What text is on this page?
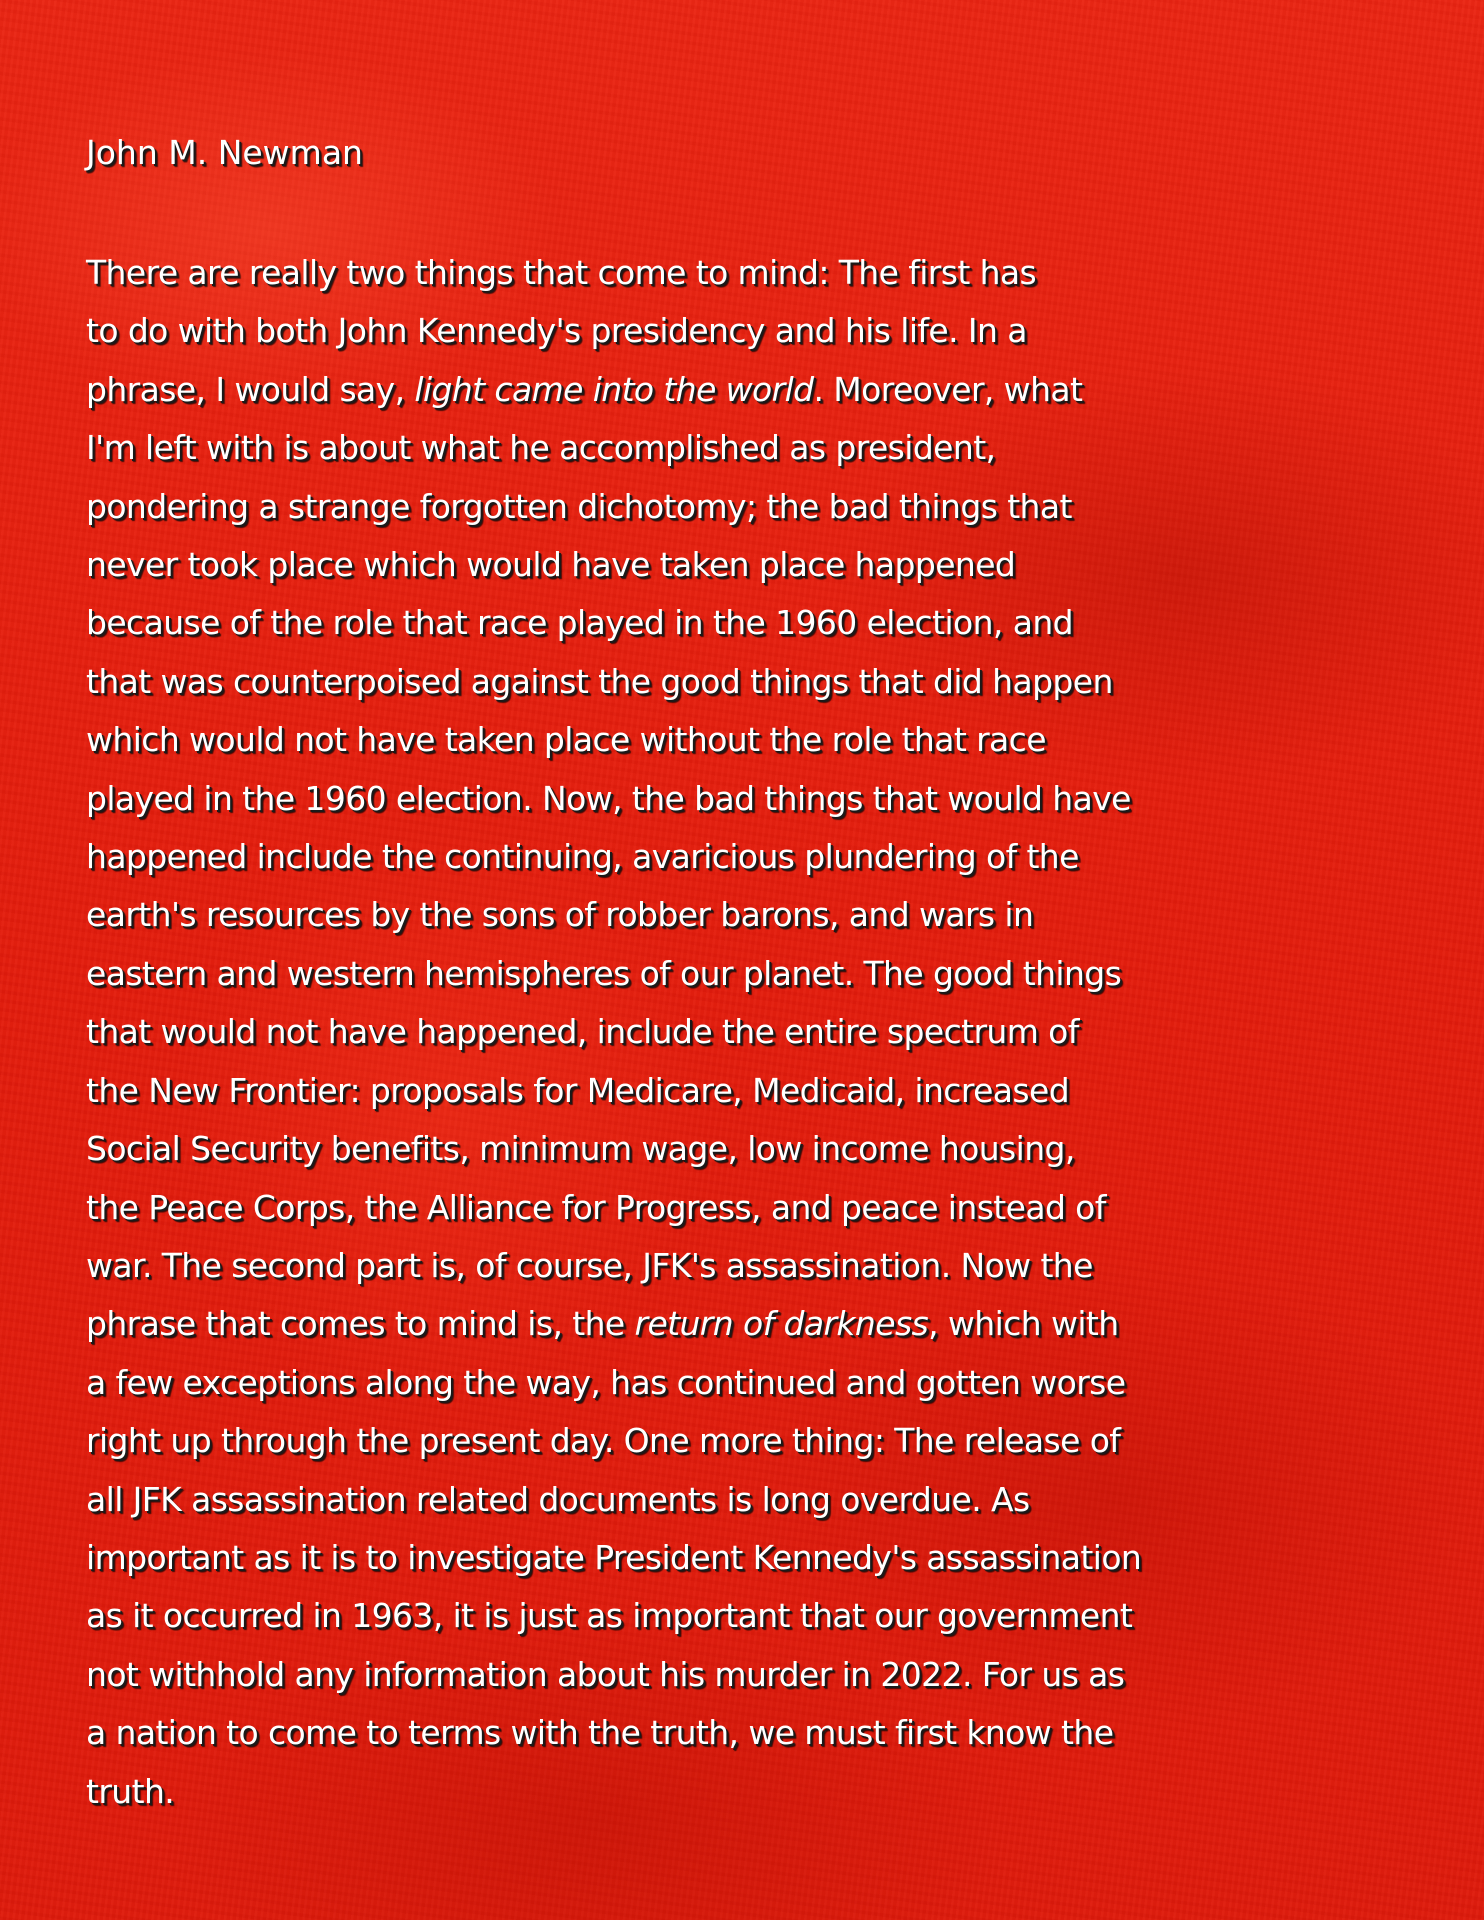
John M. Newman

There are really two things that come to mind: The first has
to do with both John Kennedy's presidency and his life. In a
phrase, I would say, light came into the world. Moreover, what
I'm left with is about what he accomplished as president,
pondering a strange forgotten dichotomy; the bad things that
never took place which would have taken place happened
because of the role that race played in the 1960 election, and
that was counterpoised against the good things that did happen
which would not have taken place without the role that race
played in the 1960 election. Now, the bad things that would have
happened include the continuing, avaricious plundering of the
earth's resources by the sons of robber barons, and wars in
eastern and western hemispheres of our planet. The good things
that would not have happened, include the entire spectrum of
the New Frontier: proposals for Medicare, Medicaid, increased
Social Security benefits, minimum wage, low income housing,
the Peace Corps, the Alliance for Progress, and peace instead of
war. The second part is, of course, JFK's assassination. Now the
phrase that comes to mind is, the return of darkness, which with
a few exceptions along the way, has continued and gotten worse
right up through the present day. One more thing: The release of
all JFK assassination related documents is long overdue. As
important as it is to investigate President Kennedy's assassination
as it occurred in 1963, it is just as important that our government
not withhold any information about his murder in 2022. For us as
a nation to come to terms with the truth, we must first know the
truth.
